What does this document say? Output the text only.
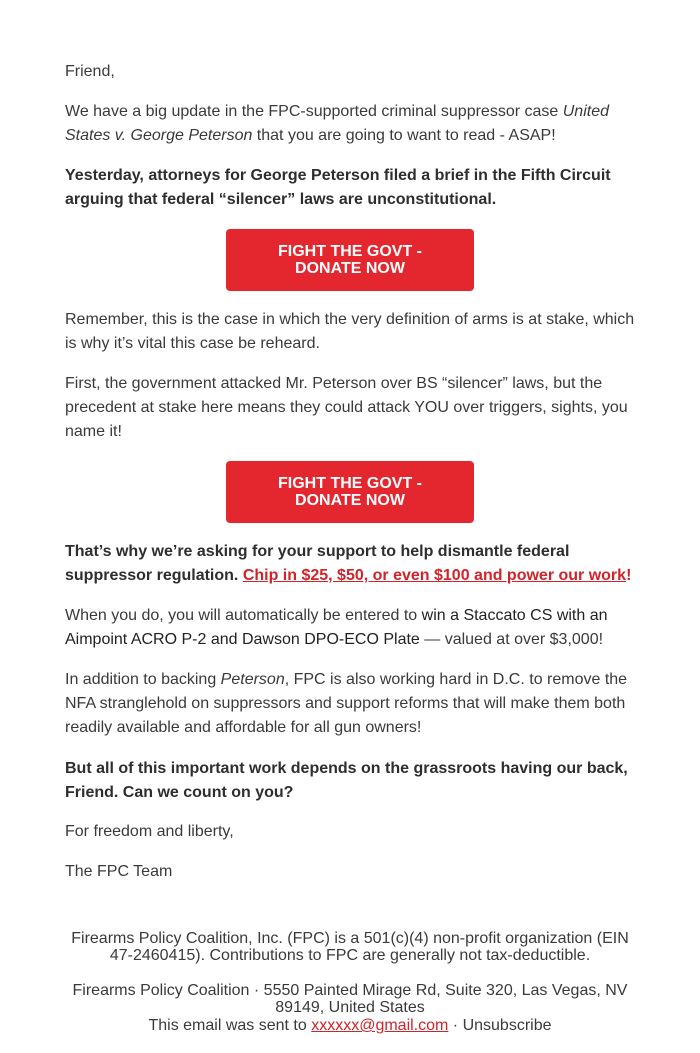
Friend,

We have a big update in the FPC-supported criminal suppressor case United States v. George Peterson that you are going to want to read - ASAP!

Yesterday, attorneys for George Peterson filed a brief in the Fifth Circuit arguing that federal “silencer” laws are unconstitutional.

FIGHT THE GOVT -
DONATE NOW

Remember, this is the case in which the very definition of arms is at stake, which is why it’s vital this case be reheard.

First, the government attacked Mr. Peterson over BS “silencer” laws, but the precedent at stake here means they could attack YOU over triggers, sights, you name it!

FIGHT THE GOVT -
DONATE NOW

That’s why we’re asking for your support to help dismantle federal suppressor regulation. Chip in $25, $50, or even $100 and power our work!

When you do, you will automatically be entered to win a Staccato CS with an Aimpoint ACRO P-2 and Dawson DPO-ECO Plate — valued at over $3,000!

In addition to backing Peterson, FPC is also working hard in D.C. to remove the NFA stranglehold on suppressors and support reforms that will make them both readily available and affordable for all gun owners!

But all of this important work depends on the grassroots having our back, Friend. Can we count on you?

For freedom and liberty,

The FPC Team

Firearms Policy Coalition, Inc. (FPC) is a 501(c)(4) non-profit organization (EIN 47-2460415). Contributions to FPC are generally not tax-deductible.

Firearms Policy Coalition · 5550 Painted Mirage Rd, Suite 320, Las Vegas, NV 89149, United States

This email was sent to xxxxxx@gmail.com · Unsubscribe
